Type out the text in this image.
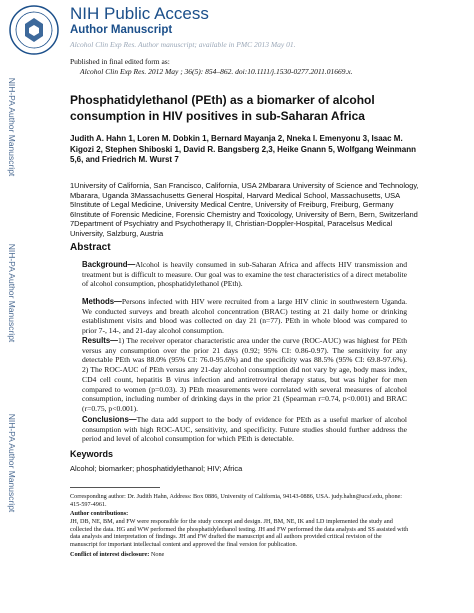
NIH Public Access
Author Manuscript
Alcohol Clin Exp Res. Author manuscript; available in PMC 2013 May 01.
Published in final edited form as:
Alcohol Clin Exp Res. 2012 May ; 36(5): 854–862. doi:10.1111/j.1530-0277.2011.01669.x.
NIH-PA Author Manuscript
NIH-PA Author Manuscript
NIH-PA Author Manuscript
Phosphatidylethanol (PEth) as a biomarker of alcohol consumption in HIV positives in sub-Saharan Africa
Judith A. Hahn 1, Loren M. Dobkin 1, Bernard Mayanja 2, Nneka I. Emenyonu 3, Isaac M. Kigozi 2, Stephen Shiboski 1, David R. Bangsberg 2,3, Heike Gnann 5, Wolfgang Weinmann 5,6, and Friedrich M. Wurst 7
1University of California, San Francisco, California, USA 2Mbarara University of Science and Technology, Mbarara, Uganda 3Massachusetts General Hospital, Harvard Medical School, Massachusetts, USA 5Institute of Legal Medicine, University Medical Centre, University of Freiburg, Freiburg, Germany 6Institute of Forensic Medicine, Forensic Chemistry and Toxicology, University of Bern, Bern, Switzerland 7Department of Psychiatry and Psychotherapy II, Christian-Doppler-Hospital, Paracelsus Medical University, Salzburg, Austria
Abstract
Background—Alcohol is heavily consumed in sub-Saharan Africa and affects HIV transmission and treatment but is difficult to measure. Our goal was to examine the test characteristics of a direct metabolite of alcohol consumption, phosphatidylethanol (PEth).
Methods—Persons infected with HIV were recruited from a large HIV clinic in southwestern Uganda. We conducted surveys and breath alcohol concentration (BRAC) testing at 21 daily home or drinking establishment visits and blood was collected on day 21 (n=77). PEth in whole blood was compared to prior 7-, 14-, and 21-day alcohol consumption.
Results—1) The receiver operator characteristic area under the curve (ROC-AUC) was highest for PEth versus any consumption over the prior 21 days (0.92; 95% CI: 0.86-0.97). The sensitivity for any detectable PEth was 88.0% (95% CI: 76.0-95.6%) and the specificity was 88.5% (95% CI: 69.8-97.6%). 2) The ROC-AUC of PEth versus any 21-day alcohol consumption did not vary by age, body mass index, CD4 cell count, hepatitis B virus infection and antiretroviral therapy status, but was higher for men compared to women (p=0.03). 3) PEth measurements were correlated with several measures of alcohol consumption, including number of drinking days in the prior 21 (Spearman r=0.74, p<0.001) and BRAC (r=0.75, p<0.001).
Conclusions—The data add support to the body of evidence for PEth as a useful marker of alcohol consumption with high ROC-AUC, sensitivity, and specificity. Future studies should further address the period and level of alcohol consumption for which PEth is detectable.
Keywords
Alcohol; biomarker; phosphatidylethanol; HIV; Africa
Corresponding author: Dr. Judith Hahn, Address: Box 0886, University of California, 94143-0886, USA. judy.hahn@ucsf.edu, phone: 415-597-4961.
Author contributions:
JH, DB, NE, BM, and FW were responsible for the study concept and design. JH, BM, NE, IK and LD implemented the study and collected the data. HG and WW performed the phosphatidylethanol testing. JH and FW performed the data analysis and SS assisted with data analysis and interpretation of findings. JH and FW drafted the manuscript and all authors provided critical revision of the manuscript for important intellectual content and approved the final version for publication.
Conflict of interest disclosure: None
